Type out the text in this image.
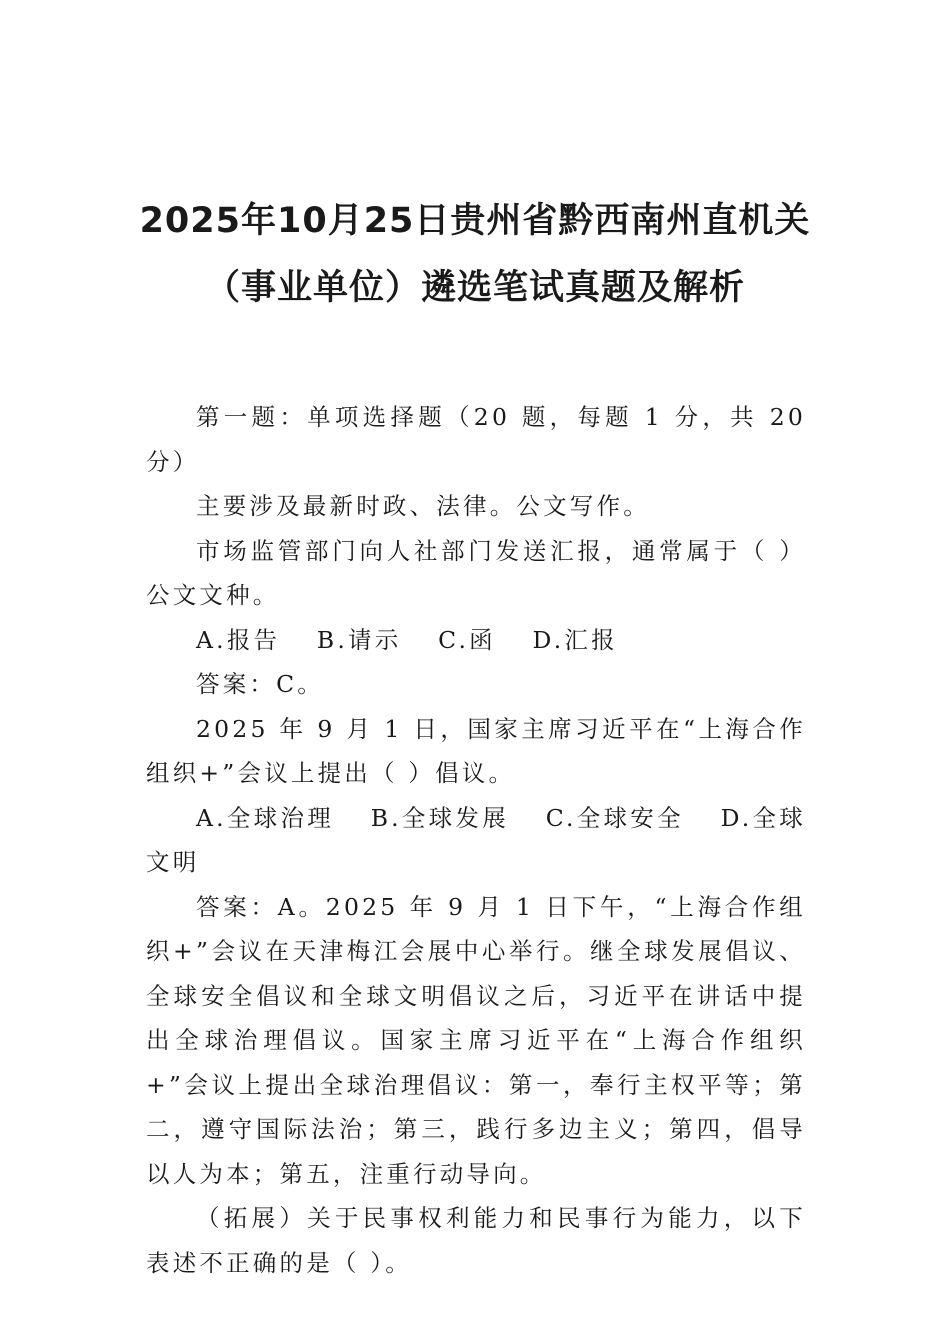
2025年10月25日贵州省黔西南州直机关
（事业单位）遴选笔试真题及解析

第一题：单项选择题（20 题，每题 1 分，共 20 分）

主要涉及最新时政、法律。公文写作。

市场监管部门向人社部门发送汇报，通常属于（ ）公文文种。

A.报告 B.请示 C.函 D.汇报

答案：C。

2025 年 9 月 1 日，国家主席习近平在“上海合作组织+”会议上提出（ ）倡议。

A.全球治理 B.全球发展 C.全球安全 D.全球文明

答案：A。2025 年 9 月 1 日下午，“上海合作组织+”会议在天津梅江会展中心举行。继全球发展倡议、全球安全倡议和全球文明倡议之后，习近平在讲话中提出全球治理倡议。国家主席习近平在“上海合作组织+”会议上提出全球治理倡议：第一，奉行主权平等；第二，遵守国际法治；第三，践行多边主义；第四，倡导以人为本；第五，注重行动导向。

（拓展）关于民事权利能力和民事行为能力，以下表述不正确的是（ ）。
